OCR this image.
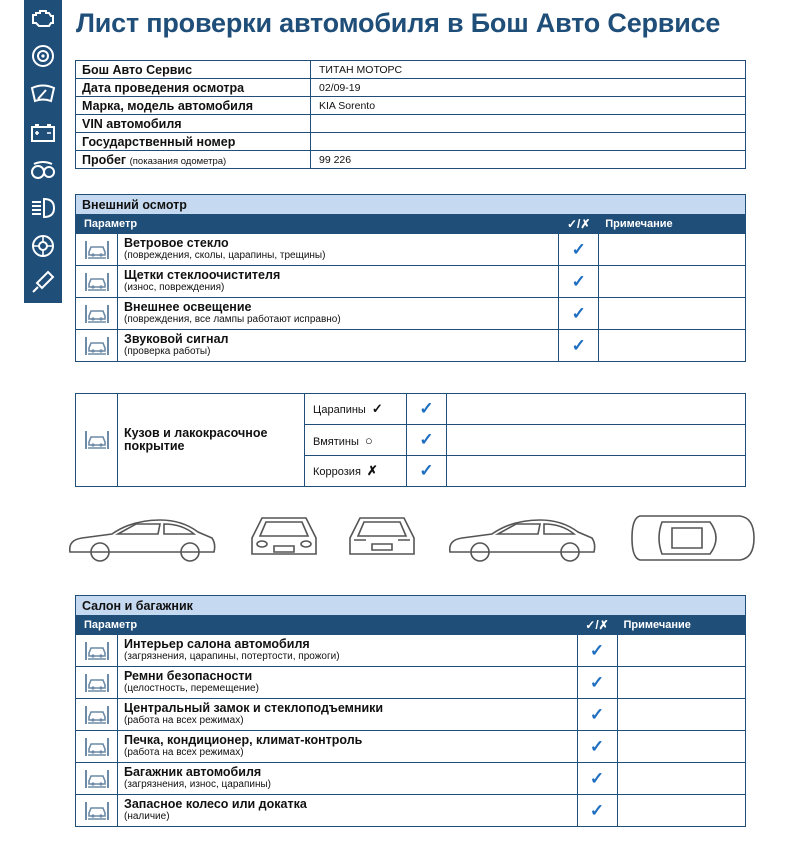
Лист проверки автомобиля в Бош Авто Сервисе
Бош Авто Сервис	ТИТАН МОТОРС
Дата проведения осмотра	02/09-19
Марка, модель автомобиля	KIA Sorento
VIN автомобиля	
Государственный номер	
Пробег (показания одометра)	99 226
Внешний осмотр			
Параметр		✓/✗	Примечание

Ветровое стекло
(повреждения, сколы, царапины, трещины)	✓	

Щетки стеклоочистителя
(износ, повреждения)	✓	

Внешнее освещение
(повреждения, все лампы работают исправно)	✓	

Звуковой сигнал
(проверка работы)	✓	

Кузов и лакокрасочное покрытие	Царапины ✓	✓	
		Вмятины ○	✓	
		Коррозия ✗	✓	
Салон и багажник			
Параметр		✓/✗	Примечание

Интерьер салона автомобиля
(загрязнения, царапины, потертости, прожоги)	✓	

Ремни безопасности
(целостность, перемещение)	✓	

Центральный замок и стеклоподъемники
(работа на всех режимах)	✓	

Печка, кондиционер, климат-контроль
(работа на всех режимах)	✓	

Багажник автомобиля
(загрязнения, износ, царапины)	✓	

Запасное колесо или докатка
(наличие)	✓	
